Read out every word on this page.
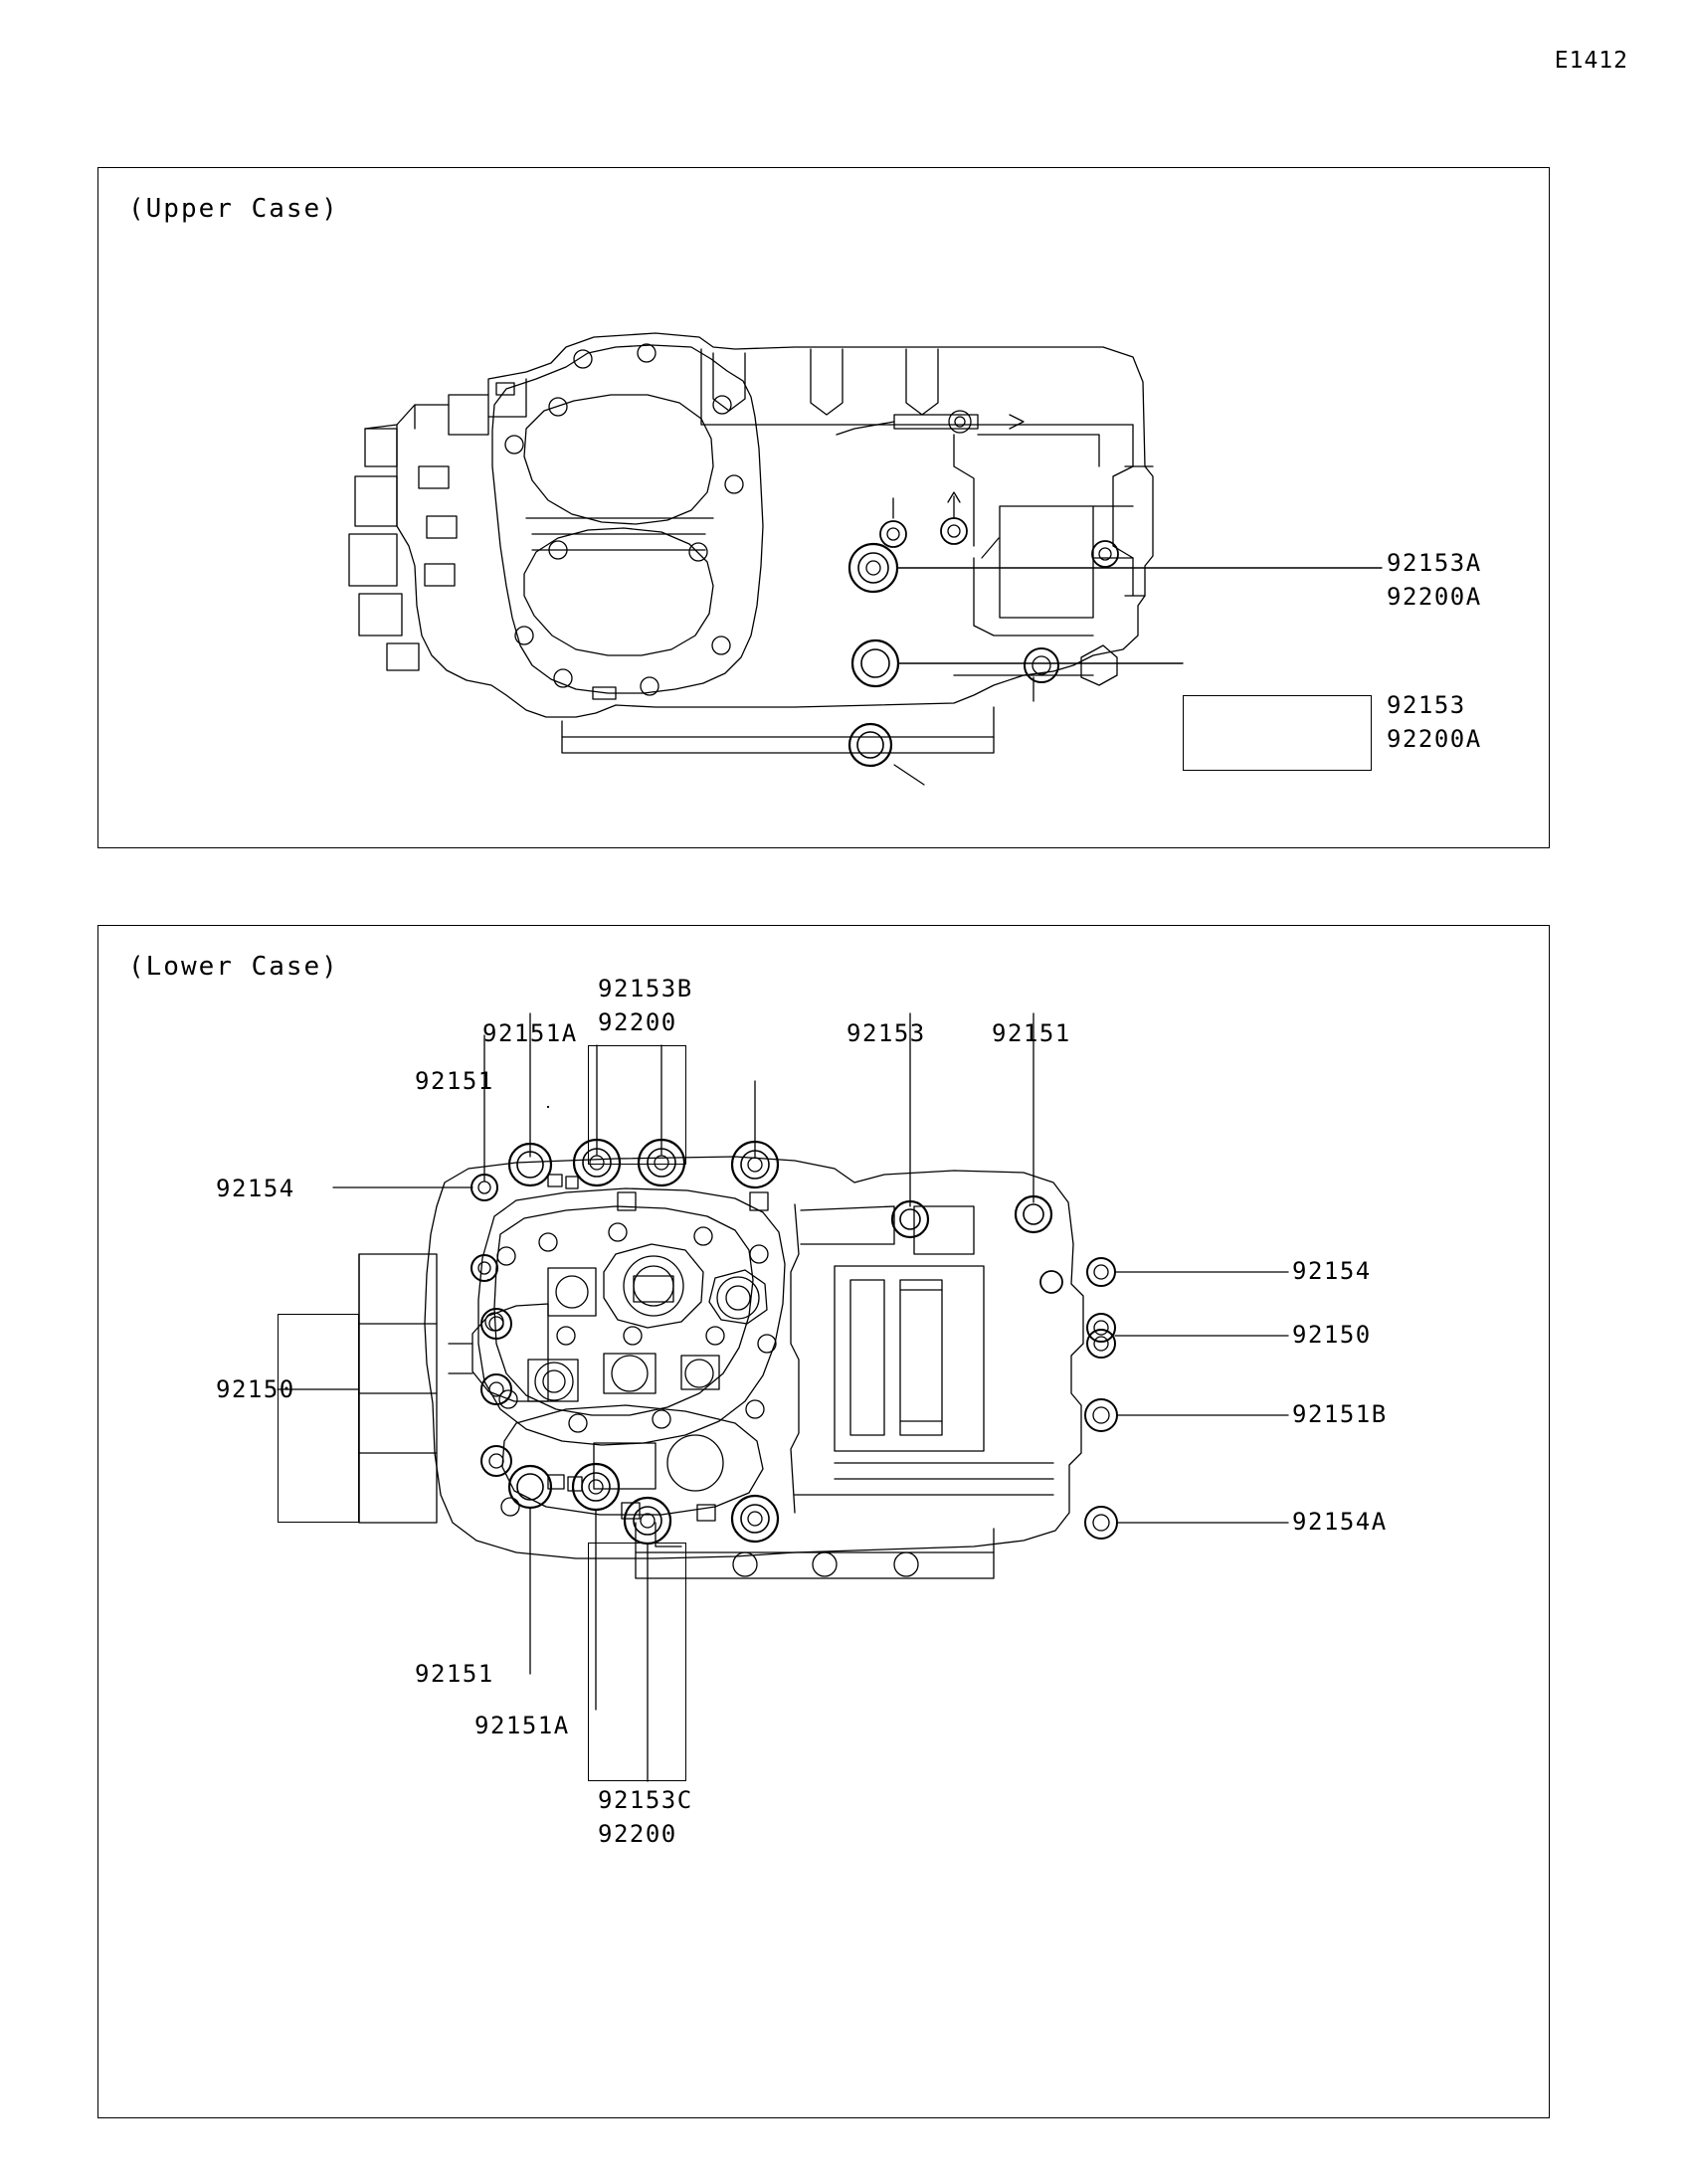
E1412
(Upper Case)
92153A
92200A
92153
92200A
(Lower Case)
92153B
92200
92151A
92151
92153	92151
92154
92150
92154
92150
92151B
92154A
92151
92151A
92153C
92200
